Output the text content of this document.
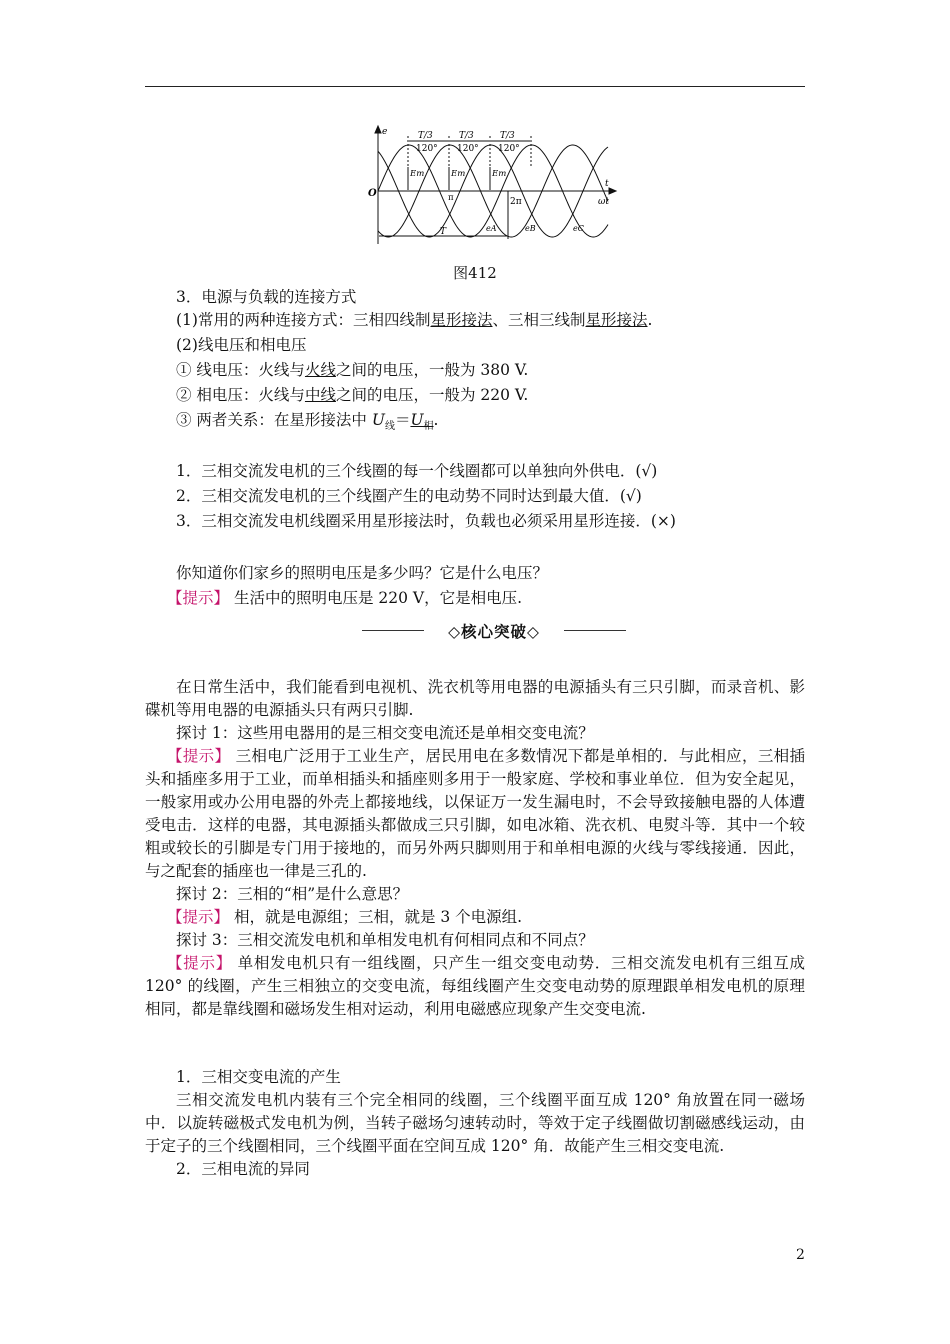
e
t
ωt
O
T/3	T/3	T/3
120° 120° 120°
Em	Em	Em
π	2π
T	eA	eB	eC
图412
3．电源与负载的连接方式
(1)常用的两种连接方式：三相四线制星形接法、三相三线制星形接法.
(2)线电压和相电压
① 线电压：火线与火线之间的电压，一般为 380 V.
② 相电压：火线与中线之间的电压，一般为 220 V.
③ 两者关系：在星形接法中 $U_线=U_相$.
1．三相交流发电机的三个线圈的每一个线圈都可以单独向外供电．(√)
2．三相交流发电机的三个线圈产生的电动势不同时达到最大值．(√)
3．三相交流发电机线圈采用星形接法时，负载也必须采用星形连接．(×)
你知道你们家乡的照明电压是多少吗？它是什么电压？
【提示】 生活中的照明电压是 220 V，它是相电压.
◇核心突破◇

在日常生活中，我们能看到电视机、洗衣机等用电器的电源插头有三只引脚，而录音机、影碟机等用电器的电源插头只有两只引脚.

探讨 1：这些用电器用的是三相交变电流还是单相交变电流？

【提示】 三相电广泛用于工业生产，居民用电在多数情况下都是单相的．与此相应，三相插头和插座多用于工业，而单相插头和插座则多用于一般家庭、学校和事业单位．但为安全起见，一般家用或办公用电器的外壳上都接地线，以保证万一发生漏电时，不会导致接触电器的人体遭受电击．这样的电器，其电源插头都做成三只引脚，如电冰箱、洗衣机、电熨斗等．其中一个较粗或较长的引脚是专门用于接地的，而另外两只脚则用于和单相电源的火线与零线接通．因此，与之配套的插座也一律是三孔的.

探讨 2：三相的“相”是什么意思？

【提示】 相，就是电源组；三相，就是 3 个电源组.

探讨 3：三相交流发电机和单相发电机有何相同点和不同点？

【提示】 单相发电机只有一组线圈，只产生一组交变电动势．三相交流发电机有三组互成 120° 的线圈，产生三相独立的交变电流，每组线圈产生交变电动势的原理跟单相发电机的原理相同，都是靠线圈和磁场发生相对运动，利用电磁感应现象产生交变电流.

1．三相交变电流的产生

三相交流发电机内装有三个完全相同的线圈，三个线圈平面互成 120° 角放置在同一磁场中．以旋转磁极式发电机为例，当转子磁场匀速转动时，等效于定子线圈做切割磁感线运动，由于定子的三个线圈相同，三个线圈平面在空间互成 120° 角．故能产生三相交变电流.

2．三相电流的异同

2
